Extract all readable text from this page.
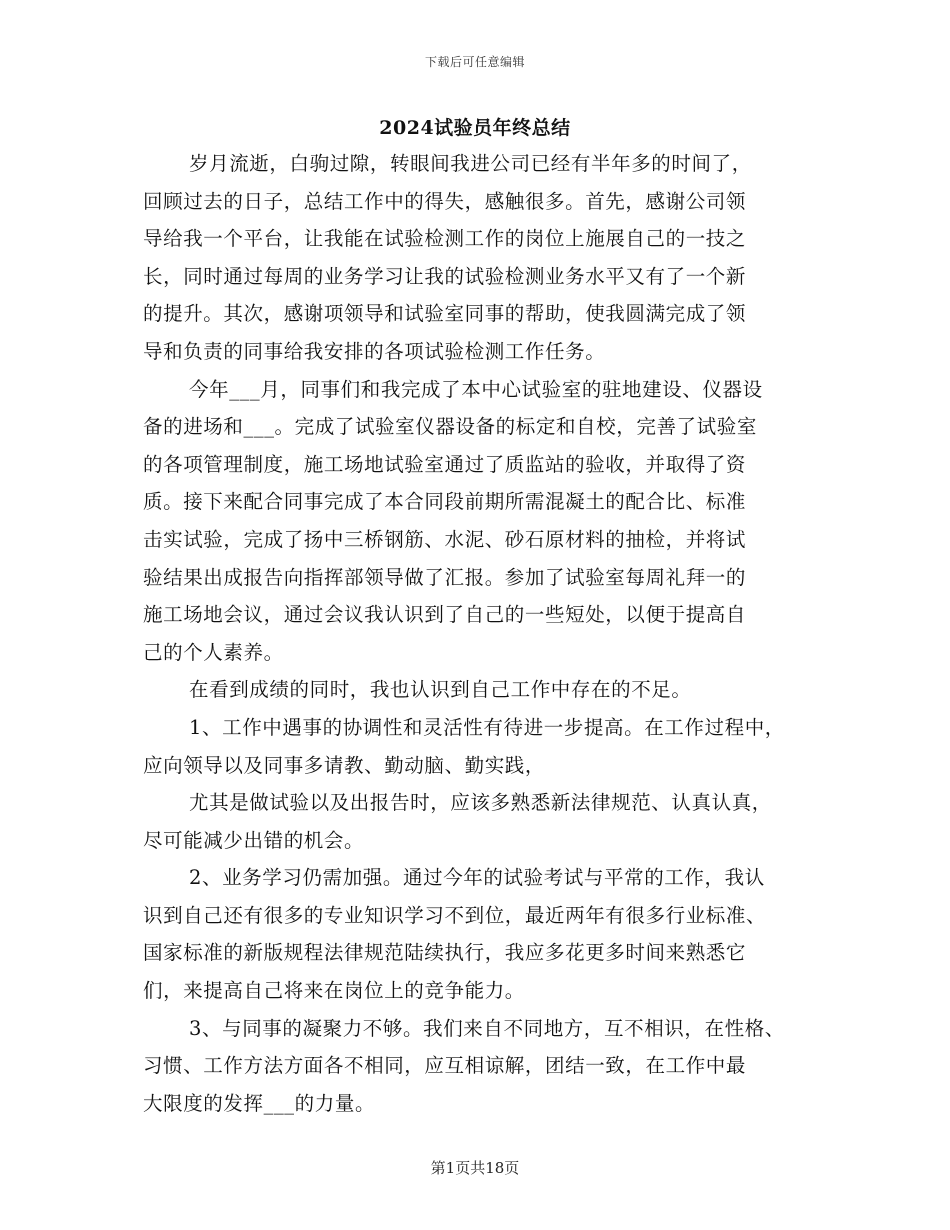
下载后可任意编辑
2024试验员年终总结
岁月流逝，白驹过隙，转眼间我进公司已经有半年多的时间了，
回顾过去的日子，总结工作中的得失，感触很多。首先，感谢公司领
导给我一个平台，让我能在试验检测工作的岗位上施展自己的一技之
长，同时通过每周的业务学习让我的试验检测业务水平又有了一个新
的提升。其次，感谢项领导和试验室同事的帮助，使我圆满完成了领
导和负责的同事给我安排的各项试验检测工作任务。
今年___月，同事们和我完成了本中心试验室的驻地建设、仪器设
备的进场和___。完成了试验室仪器设备的标定和自校，完善了试验室
的各项管理制度，施工场地试验室通过了质监站的验收，并取得了资
质。接下来配合同事完成了本合同段前期所需混凝土的配合比、标准
击实试验，完成了扬中三桥钢筋、水泥、砂石原材料的抽检，并将试
验结果出成报告向指挥部领导做了汇报。参加了试验室每周礼拜一的
施工场地会议，通过会议我认识到了自己的一些短处，以便于提高自
己的个人素养。
在看到成绩的同时，我也认识到自己工作中存在的不足。
1、工作中遇事的协调性和灵活性有待进一步提高。在工作过程中，
应向领导以及同事多请教、勤动脑、勤实践，
尤其是做试验以及出报告时，应该多熟悉新法律规范、认真认真，
尽可能减少出错的机会。
2、业务学习仍需加强。通过今年的试验考试与平常的工作，我认
识到自己还有很多的专业知识学习不到位，最近两年有很多行业标准、
国家标准的新版规程法律规范陆续执行，我应多花更多时间来熟悉它
们，来提高自己将来在岗位上的竞争能力。
3、与同事的凝聚力不够。我们来自不同地方，互不相识，在性格、
习惯、工作方法方面各不相同，应互相谅解，团结一致，在工作中最
大限度的发挥___的力量。
第1页共18页
